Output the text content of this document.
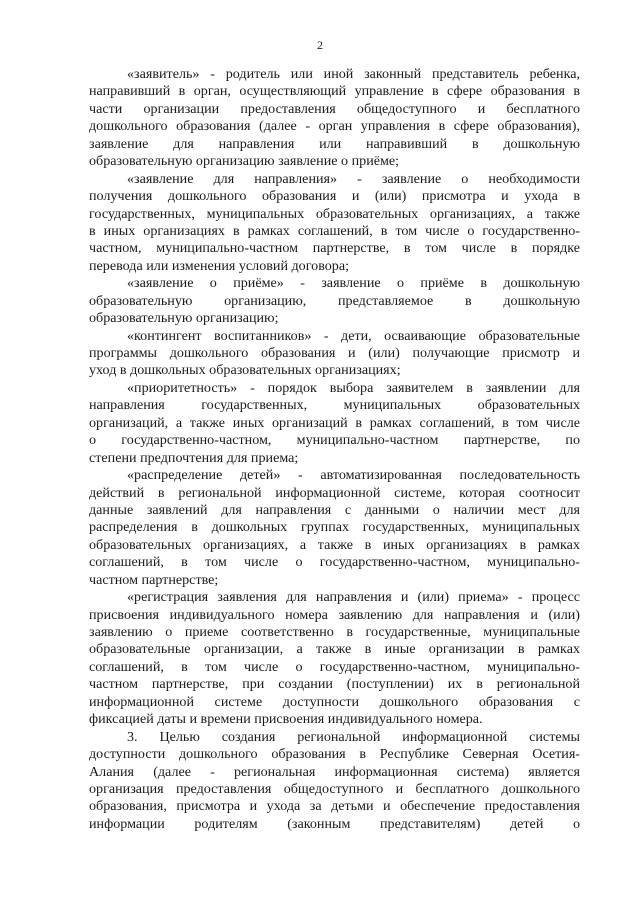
2
«заявитель» - родитель или иной законный представитель ребенка,
направивший в орган, осуществляющий управление в сфере образования в
части организации предоставления общедоступного и бесплатного
дошкольного образования (далее - орган управления в сфере образования),
заявление для направления или направивший в дошкольную
образовательную организацию заявление о приёме;
«заявление для направления» - заявление о необходимости
получения дошкольного образования и (или) присмотра и ухода в
государственных, муниципальных образовательных организациях, а также
в иных организациях в рамках соглашений, в том числе о государственно-
частном, муниципально-частном партнерстве, в том числе в порядке
перевода или изменения условий договора;
«заявление о приёме» - заявление о приёме в дошкольную
образовательную организацию, представляемое в дошкольную
образовательную организацию;
«контингент воспитанников» - дети, осваивающие образовательные
программы дошкольного образования и (или) получающие присмотр и
уход в дошкольных образовательных организациях;
«приоритетность» - порядок выбора заявителем в заявлении для
направления государственных, муниципальных образовательных
организаций, а также иных организаций в рамках соглашений, в том числе
о государственно-частном, муниципально-частном партнерстве, по
степени предпочтения для приема;
«распределение детей» - автоматизированная последовательность
действий в региональной информационной системе, которая соотносит
данные заявлений для направления с данными о наличии мест для
распределения в дошкольных группах государственных, муниципальных
образовательных организациях, а также в иных организациях в рамках
соглашений, в том числе о государственно-частном, муниципально-
частном партнерстве;
«регистрация заявления для направления и (или) приема» - процесс
присвоения индивидуального номера заявлению для направления и (или)
заявлению о приеме соответственно в государственные, муниципальные
образовательные организации, а также в иные организации в рамках
соглашений, в том числе о государственно-частном, муниципально-
частном партнерстве, при создании (поступлении) их в региональной
информационной системе доступности дошкольного образования с
фиксацией даты и времени присвоения индивидуального номера.
3. Целью создания региональной информационной системы
доступности дошкольного образования в Республике Северная Осетия-
Алания (далее - региональная информационная система) является
организация предоставления общедоступного и бесплатного дошкольного
образования, присмотра и ухода за детьми и обеспечение предоставления
информации родителям (законным представителям) детей о
